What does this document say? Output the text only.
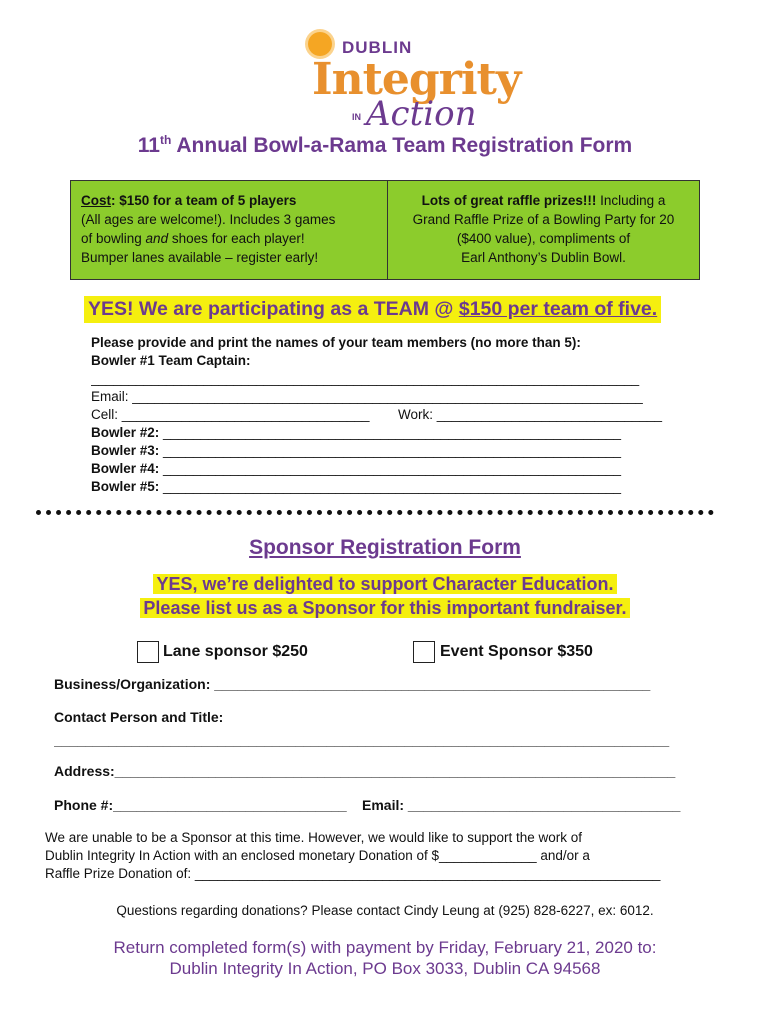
DUBLIN
Integrity
IN Action
11th Annual Bowl-a-Rama Team Registration Form
Cost: $150 for a team of 5 players
(All ages are welcome!). Includes 3 games
of bowling and shoes for each player!
Bumper lanes available – register early!
Lots of great raffle prizes!!! Including a
Grand Raffle Prize of a Bowling Party for 20
($400 value), compliments of
Earl Anthony’s Dublin Bowl.
YES! We are participating as a TEAM @ $150 per team of five.
Please provide and print the names of your team members (no more than 5):
Bowler #1 Team Captain:
_________________________________________________________________________
Email: ____________________________________________________________________
Cell: _________________________________ Work: ______________________________
Bowler #2: _____________________________________________________________
Bowler #3: _____________________________________________________________
Bowler #4: _____________________________________________________________
Bowler #5: _____________________________________________________________
Sponsor Registration Form
YES, we’re delighted to support Character Education.
Please list us as a Sponsor for this important fundraiser.
Lane sponsor $250	Event Sponsor $350
Business/Organization: ________________________________________________________
Contact Person and Title:
_______________________________________________________________________________
Address:________________________________________________________________________
Phone #:______________________________ Email: ___________________________________
We are unable to be a Sponsor at this time. However, we would like to support the work of
Dublin Integrity In Action with an enclosed monetary Donation of $_____________ and/or a
Raffle Prize Donation of: ______________________________________________________________
Questions regarding donations? Please contact Cindy Leung at (925) 828-6227, ex: 6012.
Return completed form(s) with payment by Friday, February 21, 2020 to:
Dublin Integrity In Action, PO Box 3033, Dublin CA 94568
